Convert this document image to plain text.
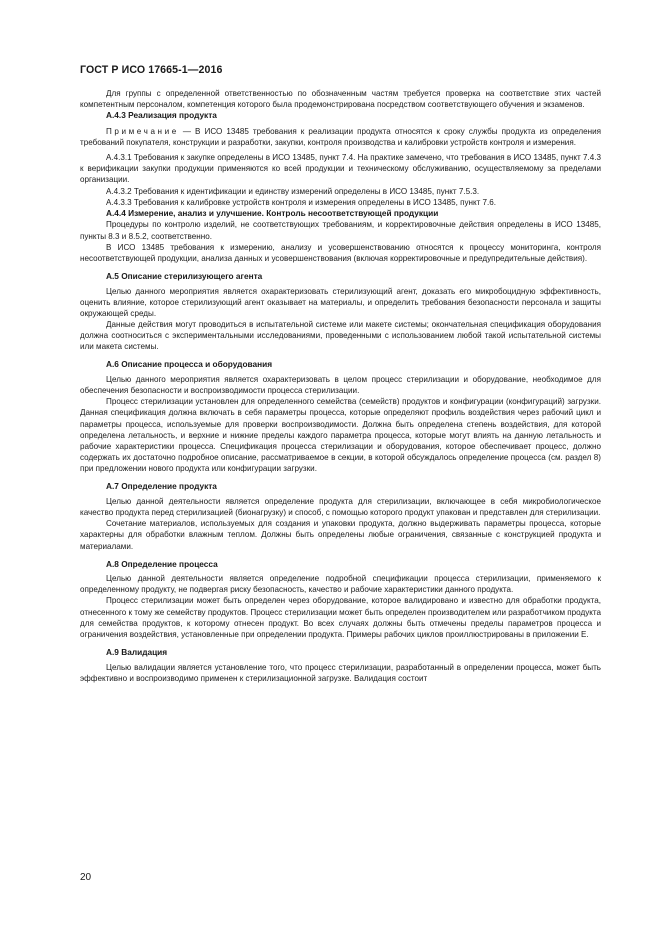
ГОСТ Р ИСО 17665-1—2016

Для группы с определенной ответственностью по обозначенным частям требуется проверка на соответствие этих частей компетентным персоналом, компетенция которого была продемонстрирована посредством соответствующего обучения и экзаменов.

А.4.3 Реализация продукта

Примечание — В ИСО 13485 требования к реализации продукта относятся к сроку службы продукта из определения требований покупателя, конструкции и разработки, закупки, контроля производства и калибровки устройств контроля и измерения.

А.4.3.1 Требования к закупке определены в ИСО 13485, пункт 7.4. На практике замечено, что требования в ИСО 13485, пункт 7.4.3 к верификации закупки продукции применяются ко всей продукции и техническому обслуживанию, осуществляемому за пределами организации.

А.4.3.2 Требования к идентификации и единству измерений определены в ИСО 13485, пункт 7.5.3.

А.4.3.3 Требования к калибровке устройств контроля и измерения определены в ИСО 13485, пункт 7.6.

А.4.4 Измерение, анализ и улучшение. Контроль несоответствующей продукции

Процедуры по контролю изделий, не соответствующих требованиям, и корректировочные действия определены в ИСО 13485, пункты 8.3 и 8.5.2, соответственно.

В ИСО 13485 требования к измерению, анализу и усовершенствованию относятся к процессу мониторинга, контроля несоответствующей продукции, анализа данных и усовершенствования (включая корректировочные и предупредительные действия).

А.5 Описание стерилизующего агента

Целью данного мероприятия является охарактеризовать стерилизующий агент, доказать его микробоцидную эффективность, оценить влияние, которое стерилизующий агент оказывает на материалы, и определить требования безопасности персонала и защиты окружающей среды.

Данные действия могут проводиться в испытательной системе или макете системы; окончательная спецификация оборудования должна соотноситься с экспериментальными исследованиями, проведенными с использованием любой такой испытательной системы или макета системы.

А.6 Описание процесса и оборудования

Целью данного мероприятия является охарактеризовать в целом процесс стерилизации и оборудование, необходимое для обеспечения безопасности и воспроизводимости процесса стерилизации.

Процесс стерилизации установлен для определенного семейства (семейств) продуктов и конфигурации (конфигураций) загрузки. Данная спецификация должна включать в себя параметры процесса, которые определяют профиль воздействия через рабочий цикл и параметры процесса, используемые для проверки воспроизводимости. Должна быть определена степень воздействия, для которой определена летальность, и верхние и нижние пределы каждого параметра процесса, которые могут влиять на данную летальность и рабочие характеристики процесса. Спецификация процесса стерилизации и оборудования, которое обеспечивает процесс, должно содержать их достаточно подробное описание, рассматриваемое в секции, в которой обсуждалось определение процесса (см. раздел 8) при предложении нового продукта или конфигурации загрузки.

А.7 Определение продукта

Целью данной деятельности является определение продукта для стерилизации, включающее в себя микробиологическое качество продукта перед стерилизацией (бионагрузку) и способ, с помощью которого продукт упакован и представлен для стерилизации.

Сочетание материалов, используемых для создания и упаковки продукта, должно выдерживать параметры процесса, которые характерны для обработки влажным теплом. Должны быть определены любые ограничения, связанные с конструкцией продукта и материалами.

А.8 Определение процесса

Целью данной деятельности является определение подробной спецификации процесса стерилизации, применяемого к определенному продукту, не подвергая риску безопасность, качество и рабочие характеристики данного продукта.

Процесс стерилизации может быть определен через оборудование, которое валидировано и известно для обработки продукта, отнесенного к тому же семейству продуктов. Процесс стерилизации может быть определен производителем или разработчиком продукта для семейства продуктов, к которому отнесен продукт. Во всех случаях должны быть отмечены пределы параметров процесса и ограничения воздействия, установленные при определении продукта. Примеры рабочих циклов проиллюстрированы в приложении Е.

А.9 Валидация

Целью валидации является установление того, что процесс стерилизации, разработанный в определении процесса, может быть эффективно и воспроизводимо применен к стерилизационной загрузке. Валидация состоит

20
